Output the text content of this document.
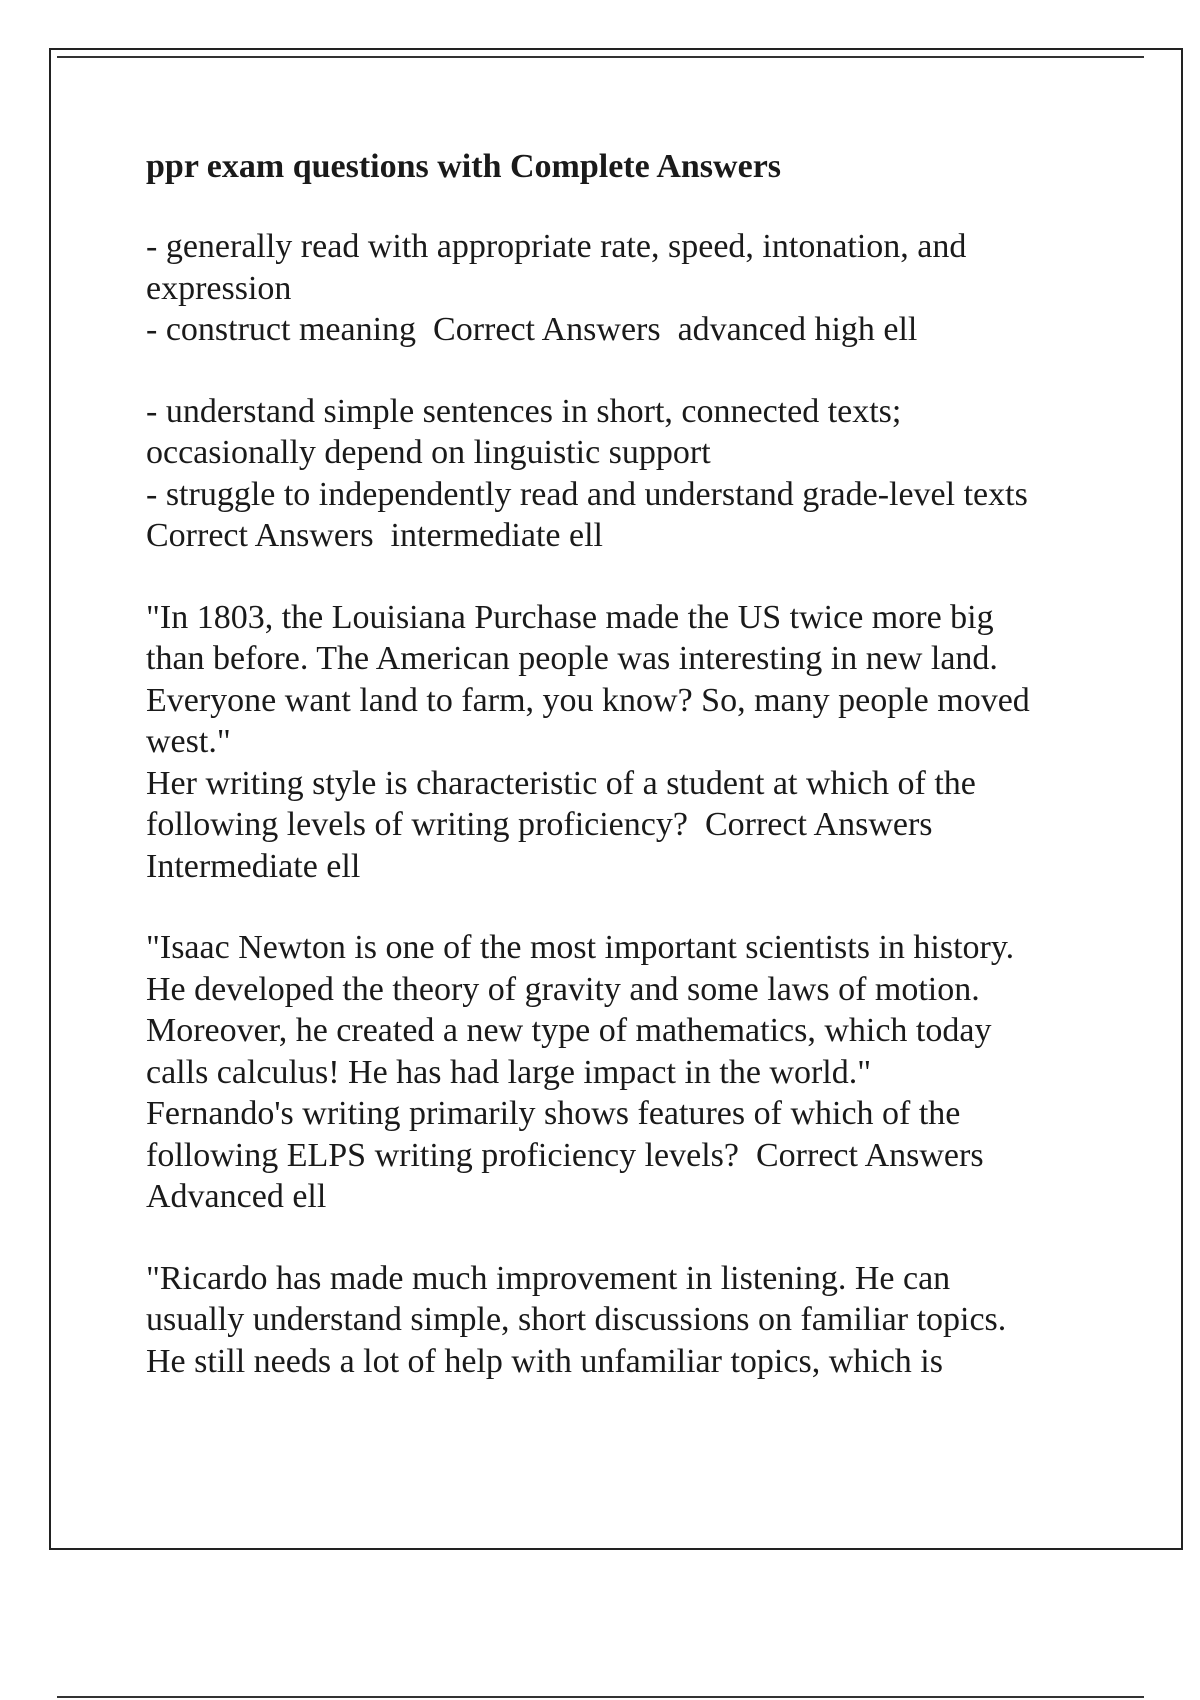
ppr exam questions with Complete Answers

- generally read with appropriate rate, speed, intonation, and

expression

- construct meaning  Correct Answers  advanced high ell

- understand simple sentences in short, connected texts;

occasionally depend on linguistic support

- struggle to independently read and understand grade-level texts

Correct Answers  intermediate ell

"In 1803, the Louisiana Purchase made the US twice more big

than before. The American people was interesting in new land.

Everyone want land to farm, you know? So, many people moved

west."

Her writing style is characteristic of a student at which of the

following levels of writing proficiency?  Correct Answers

Intermediate ell

"Isaac Newton is one of the most important scientists in history.

He developed the theory of gravity and some laws of motion.

Moreover, he created a new type of mathematics, which today

calls calculus! He has had large impact in the world."

Fernando's writing primarily shows features of which of the

following ELPS writing proficiency levels?  Correct Answers

Advanced ell

"Ricardo has made much improvement in listening. He can

usually understand simple, short discussions on familiar topics.

He still needs a lot of help with unfamiliar topics, which is
